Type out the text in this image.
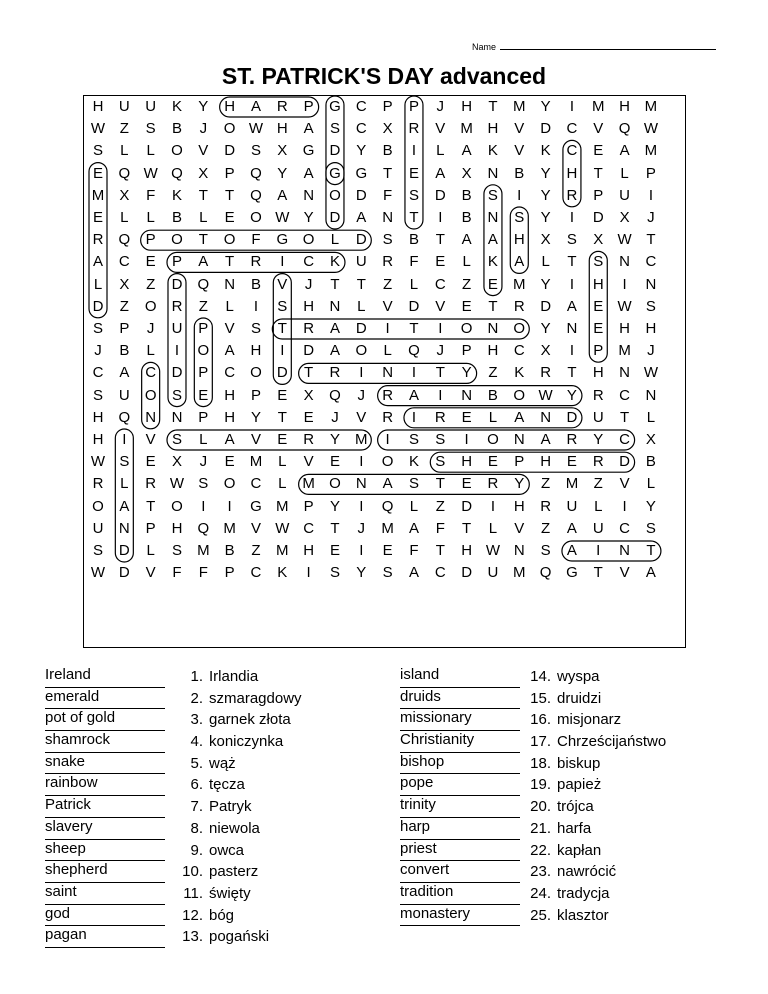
Name
ST. PATRICK'S DAY advanced
H	U	U	K	Y	H	A	R	P	G	C	P	P	J	H	T	M	Y	I	M H M
W Z	S	B	J	O W H	A	S	C	X	R	V	M H	V	D	C	V	Q W
S	L	L	O	V	D	S	X	G	D	Y	B	I	L	A	K	V	K	C	E	A	M
E	Q W Q	X	P	Q	Y	A	G G	T	E	A	X	N	B	Y	H	T	L	P
M	X	F	K	T	T	Q	A	N	O	D	F	S	D	B	S	I	Y	R	P	U	I
E	L	L	B	L	E	O W Y	D	A	N	T	I	B	N	S	Y	I	D	X	J
R	Q	P	O	T	O	F	G O	L	D	S	B	T	A	A	H	X	S	X W T
A	C	E	P	A	T	R	I	C	K	U	R	F	E	L	K	A	L	T	S	N	C
L	X	Z	D	Q	N	B	V	J	T	T	Z	L	C	Z	E	M	Y	I	H	I	N
D	Z	O	R	Z	L	I	S	H	N	L	V	D	V	E	T	R	D	A	E W S
S	P	J	U	P	V	S	T	R	A	D	I	T	I	O	N	O	Y	N	E	H	H
J	B	L	I	O	A	H	I	D	A	O	L	Q	J	P	H	C	X	I	P	M	J
C	A	C	D	P	C	O	D	T	R	I	N	I	T	Y	Z	K	R	T	H	N W
S	U	O	S	E	H	P	E	X	Q	J	R	A	I	N	B	O W Y	R	C	N
H	Q	N	N	P	H	Y	T	E	J	V	R	I	R	E	L	A	N	D	U	T	L
H	I	V	S	L	A	V	E	R	Y	M	I	S	S	I	O	N	A	R	Y	C	X
W S	E	X	J	E	M	L	V	E	I	O	K	S	H	E	P	H	E	R	D	B
R	L	R W S	O	C	L	M O	N	A	S	T	E	R	Y	Z	M	Z	V	L
O	A	T	O	I	I	G M	P	Y	I	Q	L	Z	D	I	H	R	U	L	I	Y
U	N	P	H	Q M	V W C	T	J	M	A	F	T	L	V	Z	A	U	C	S
S	D	L	S	M	B	Z	M H	E	I	E	F	T	H W N	S	A	I	N	T
W D	V	F	F	P	C	K	I	S	Y	S	A	C	D	U M Q G	T	V	A
Ireland
emerald
pot of gold
shamrock
snake
rainbow
Patrick
slavery
sheep
shepherd
saint
god
pagan
1. Irlandia
2. szmaragdowy
3. garnek złota
4. koniczynka
5. wąż
6. tęcza
7. Patryk
8. niewola
9. owca
10. pasterz
11. święty
12. bóg
13. pogański
island
druids
missionary
Christianity
bishop
pope
trinity
harp
priest
convert
tradition
monastery
14. wyspa
15. druidzi
16. misjonarz
17. Chrześcijaństwo
18. biskup
19. papież
20. trójca
21. harfa
22. kapłan
23. nawrócić
24. tradycja
25. klasztor
